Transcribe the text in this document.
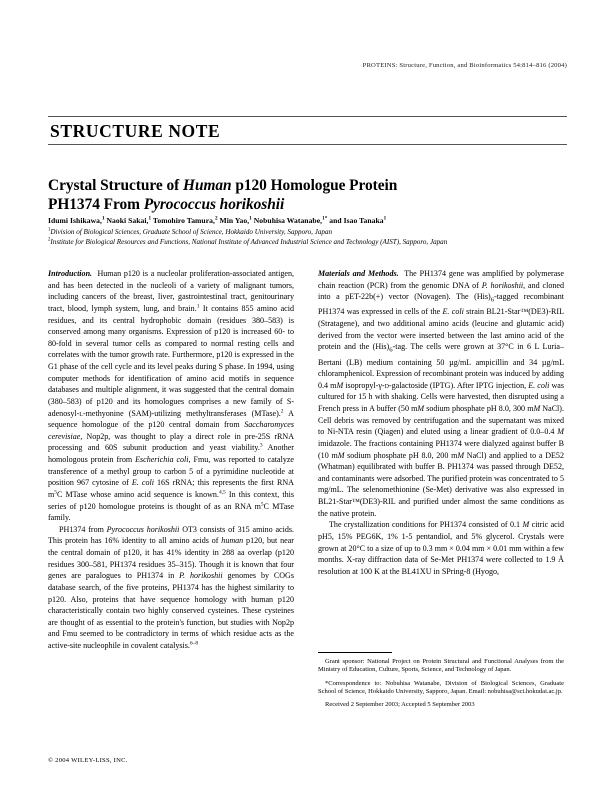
PROTEINS: Structure, Function, and Bioinformatics 54:814–816 (2004)
STRUCTURE NOTE
Crystal Structure of Human p120 Homologue Protein
PH1374 From Pyrococcus horikoshii
Idumi Ishikawa,$^1$ Naoki Sakai,$^1$ Tomohiro Tamura,$^2$ Min Yao,$^1$ Nobuhisa Watanabe,$^{1*}$ and Isao Tanaka$^1$
$^1$Division of Biological Sciences, Graduate School of Science, Hokkaido University, Sapporo, Japan
$^2$Institute for Biological Resources and Functions, National Institute of Advanced Industrial Science and Technology (AIST), Sapporo, Japan

Introduction.  Human p120 is a nucleolar proliferation-associated antigen, and has been detected in the nucleoli of a variety of malignant tumors, including cancers of the breast, liver, gastrointestinal tract, genitourinary tract, blood, lymph system, lung, and brain.$^1$ It contains 855 amino acid residues, and its central hydrophobic domain (residues 380–583) is conserved among many organisms. Expression of p120 is increased 60- to 80-fold in several tumor cells as compared to normal resting cells and correlates with the tumor growth rate. Furthermore, p120 is expressed in the G1 phase of the cell cycle and its level peaks during S phase. In 1994, using computer methods for identification of amino acid motifs in sequence databases and multiple alignment, it was suggested that the central domain (380–583) of p120 and its homologues comprises a new family of S-adenosyl-l-methyonine (SAM)-utilizing methyltransferases (MTase).$^2$ A sequence homologue of the p120 central domain from Saccharomyces cerevisiae, Nop2p, was thought to play a direct role in pre-25S rRNA processing and 60S subunit production and yeast viability.$^3$ Another homologous protein from Escherichia coli, Fmu, was reported to catalyze transference of a methyl group to carbon 5 of a pyrimidine nucleotide at position 967 cytosine of E. coli 16S rRNA; this represents the first RNA $m^5C$ MTase whose amino acid sequence is known.$^{4,5}$ In this context, this series of p120 homologue proteins is thought of as an RNA $m^5C$ MTase family.

PH1374 from Pyrococcus horikoshii OT3 consists of 315 amino acids. This protein has 16% identity to all amino acids of human p120, but near the central domain of p120, it has 41% identity in 288 aa overlap (p120 residues 300–581, PH1374 residues 35–315). Though it is known that four genes are paralogues to PH1374 in P. horikoshii genomes by COGs database search, of the five proteins, PH1374 has the highest similarity to p120. Also, proteins that have sequence homology with human p120 characteristically contain two highly conserved cysteines. These cysteines are thought of as essential to the protein's function, but studies with Nop2p and Fmu seemed to be contradictory in terms of which residue acts as the active-site nucleophile in covalent catalysis.$^{6-8}$

Materials and Methods.  The PH1374 gene was amplified by polymerase chain reaction (PCR) from the genomic DNA of P. horikoshii, and cloned into a pET-22b(+) vector (Novagen). The $(His)_6$-tagged recombinant PH1374 was expressed in cells of the E. coli strain BL21-Star™(DE3)-RIL (Stratagene), and two additional amino acids (leucine and glutamic acid) derived from the vector were inserted between the last amino acid of the protein and the $(His)_6$-tag. The cells were grown at 37°C in 6 L Luria–Bertani (LB) medium containing 50 µg/mL ampicillin and 34 µg/mL chloramphenicol. Expression of recombinant protein was induced by adding 0.4 mM isopropyl-γ-d-galactoside (IPTG). After IPTG injection, E. coli was cultured for 15 h with shaking. Cells were harvested, then disrupted using a French press in A buffer (50 mM sodium phosphate pH 8.0, 300 mM NaCl). Cell debris was removed by centrifugation and the supernatant was mixed to Ni-NTA resin (Qiagen) and eluted using a linear gradient of 0.0–0.4 M imidazole. The fractions containing PH1374 were dialyzed against buffer B (10 mM sodium phosphate pH 8.0, 200 mM NaCl) and applied to a DE52 (Whatman) equilibrated with buffer B. PH1374 was passed through DE52, and contaminants were adsorbed. The purified protein was concentrated to 5 mg/mL. The selenomethionine (Se-Met) derivative was also expressed in BL21-Star™(DE3)-RIL and purified under almost the same conditions as the native protein.

The crystallization conditions for PH1374 consisted of 0.1 M citric acid pH5, 15% PEG6K, 1% 1-5 pentandiol, and 5% glycerol. Crystals were grown at 20°C to a size of up to 0.3 mm × 0.04 mm × 0.01 mm within a few months. X-ray diffraction data of Se-Met PH1374 were collected to 1.9 Å resolution at 100 K at the BL41XU in SPring-8 (Hyogo,

Grant sponsor: National Project on Protein Structural and Functional Analyses from the Ministry of Education, Culture, Sports, Science, and Technology of Japan.

*Correspondence to: Nobuhisa Watanabe, Division of Biological Sciences, Graduate School of Science, Hokkaido University, Sapporo, Japan. Email: nobuhisa@sci.hokudai.ac.jp.

Received 2 September 2003; Accepted 5 September 2003

© 2004 WILEY-LISS, INC.
